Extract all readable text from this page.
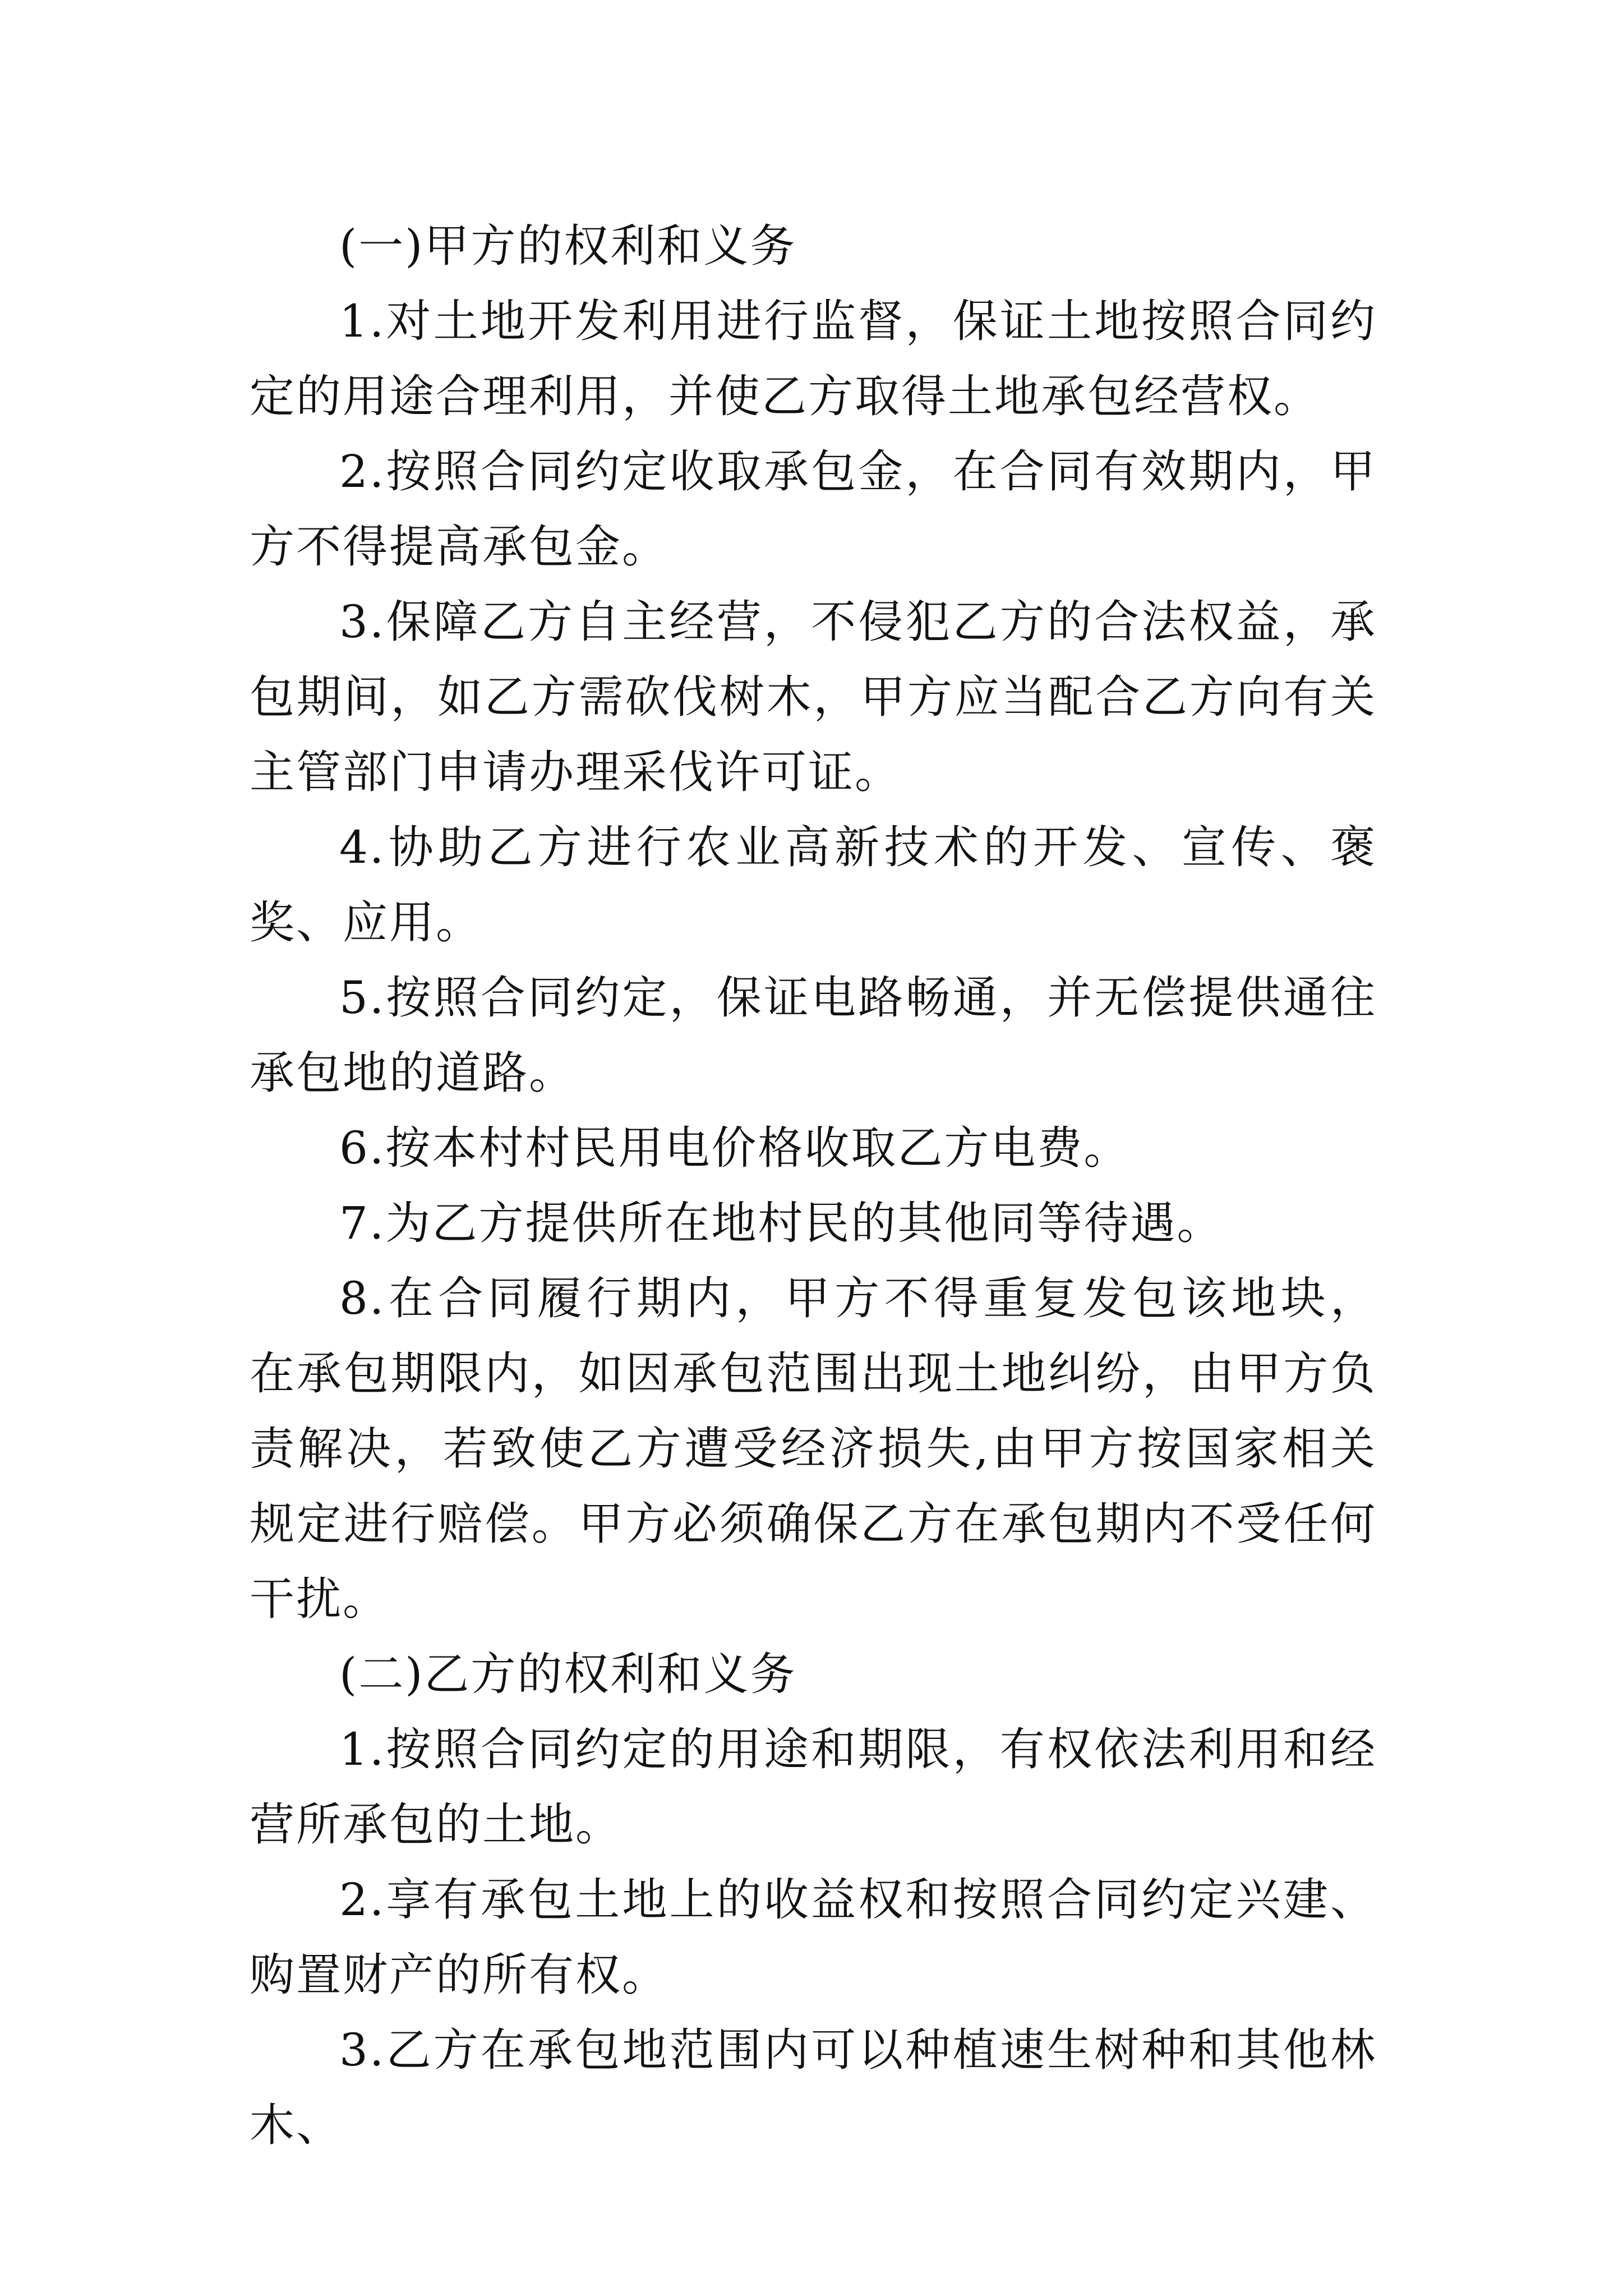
(一)甲方的权利和义务

1.对土地开发利用进行监督，保证土地按照合同约定的用途合理利用，并使乙方取得土地承包经营权。

2.按照合同约定收取承包金，在合同有效期内，甲方不得提高承包金。

3.保障乙方自主经营，不侵犯乙方的合法权益，承包期间，如乙方需砍伐树木，甲方应当配合乙方向有关主管部门申请办理采伐许可证。

4.协助乙方进行农业高新技术的开发、宣传、褒奖、应用。

5.按照合同约定，保证电路畅通，并无偿提供通往承包地的道路。

6.按本村村民用电价格收取乙方电费。

7.为乙方提供所在地村民的其他同等待遇。

8.在合同履行期内，甲方不得重复发包该地块， 在承包期限内，如因承包范围出现土地纠纷，由甲方负责解决，若致使乙方遭受经济损失,由甲方按国家相关规定进行赔偿。甲方必须确保乙方在承包期内不受任何干扰。

(二)乙方的权利和义务

1.按照合同约定的用途和期限，有权依法利用和经营所承包的土地。

2.享有承包土地上的收益权和按照合同约定兴建、购置财产的所有权。

3.乙方在承包地范围内可以种植速生树种和其他林木、
